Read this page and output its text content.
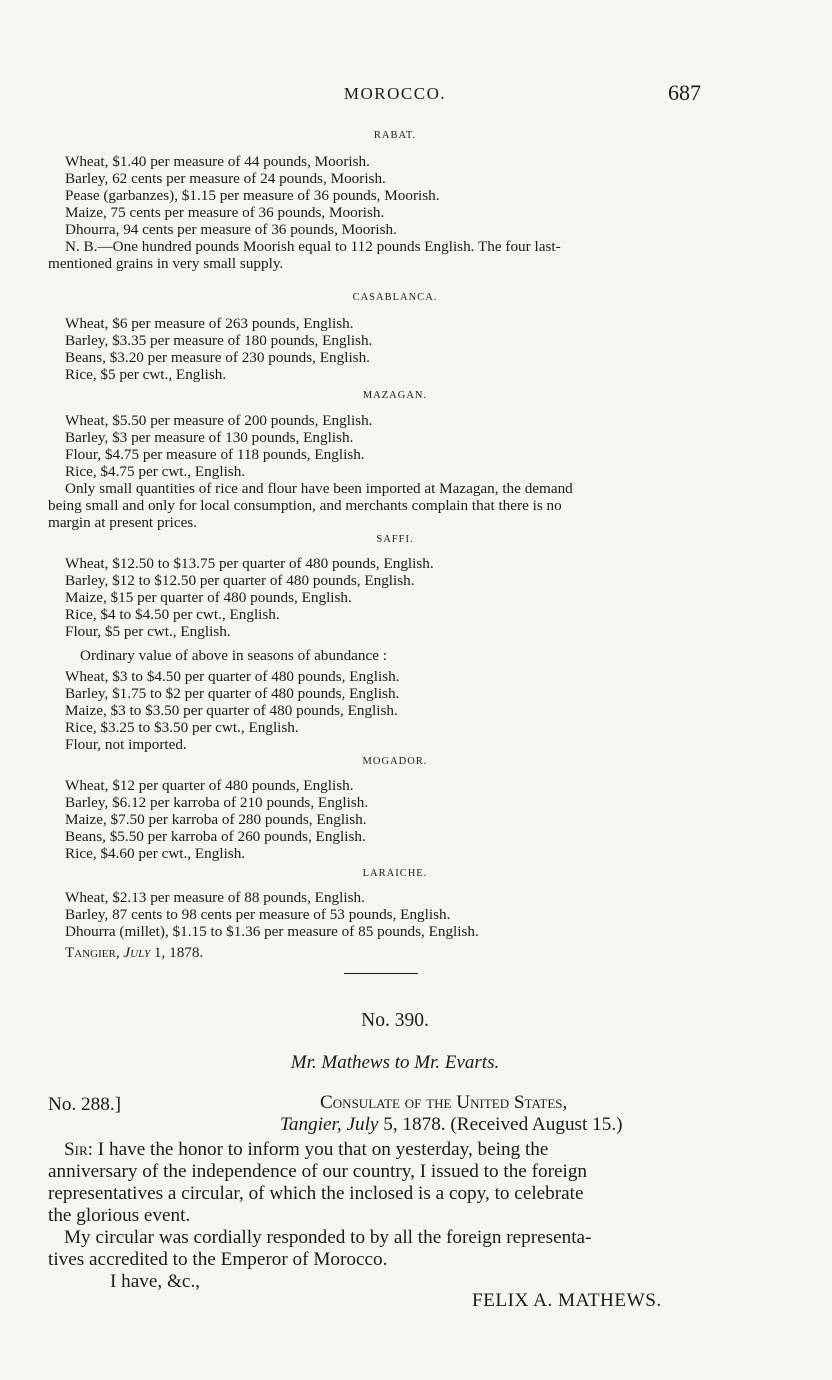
MOROCCO.	687
RABAT.
Wheat, $1.40 per measure of 44 pounds, Moorish.
Barley, 62 cents per measure of 24 pounds, Moorish.
Pease (garbanzes), $1.15 per measure of 36 pounds, Moorish.
Maize, 75 cents per measure of 36 pounds, Moorish.
Dhourra, 94 cents per measure of 36 pounds, Moorish.
N. B.—One hundred pounds Moorish equal to 112 pounds English. The four last-
mentioned grains in very small supply.
CASABLANCA.
Wheat, $6 per measure of 263 pounds, English.
Barley, $3.35 per measure of 180 pounds, English.
Beans, $3.20 per measure of 230 pounds, English.
Rice, $5 per cwt., English.
MAZAGAN.
Wheat, $5.50 per measure of 200 pounds, English.
Barley, $3 per measure of 130 pounds, English.
Flour, $4.75 per measure of 118 pounds, English.
Rice, $4.75 per cwt., English.
Only small quantities of rice and flour have been imported at Mazagan, the demand
being small and only for local consumption, and merchants complain that there is no
margin at present prices.
SAFFI.
Wheat, $12.50 to $13.75 per quarter of 480 pounds, English.
Barley, $12 to $12.50 per quarter of 480 pounds, English.
Maize, $15 per quarter of 480 pounds, English.
Rice, $4 to $4.50 per cwt., English.
Flour, $5 per cwt., English.
Ordinary value of above in seasons of abundance :
Wheat, $3 to $4.50 per quarter of 480 pounds, English.
Barley, $1.75 to $2 per quarter of 480 pounds, English.
Maize, $3 to $3.50 per quarter of 480 pounds, English.
Rice, $3.25 to $3.50 per cwt., English.
Flour, not imported.
MOGADOR.
Wheat, $12 per quarter of 480 pounds, English.
Barley, $6.12 per karroba of 210 pounds, English.
Maize, $7.50 per karroba of 280 pounds, English.
Beans, $5.50 per karroba of 260 pounds, English.
Rice, $4.60 per cwt., English.
LARAICHE.
Wheat, $2.13 per measure of 88 pounds, English.
Barley, 87 cents to 98 cents per measure of 53 pounds, English.
Dhourra (millet), $1.15 to $1.36 per measure of 85 pounds, English.
Tangier, July 1, 1878.
No. 390.
Mr. Mathews to Mr. Evarts.
No. 288.]	Consulate of the United States,
Tangier, July 5, 1878. (Received August 15.)
Sir: I have the honor to inform you that on yesterday, being the
anniversary of the independence of our country, I issued to the foreign
representatives a circular, of which the inclosed is a copy, to celebrate
the glorious event.
My circular was cordially responded to by all the foreign representa-
tives accredited to the Emperor of Morocco.
I have, &c.,
FELIX A. MATHEWS.
